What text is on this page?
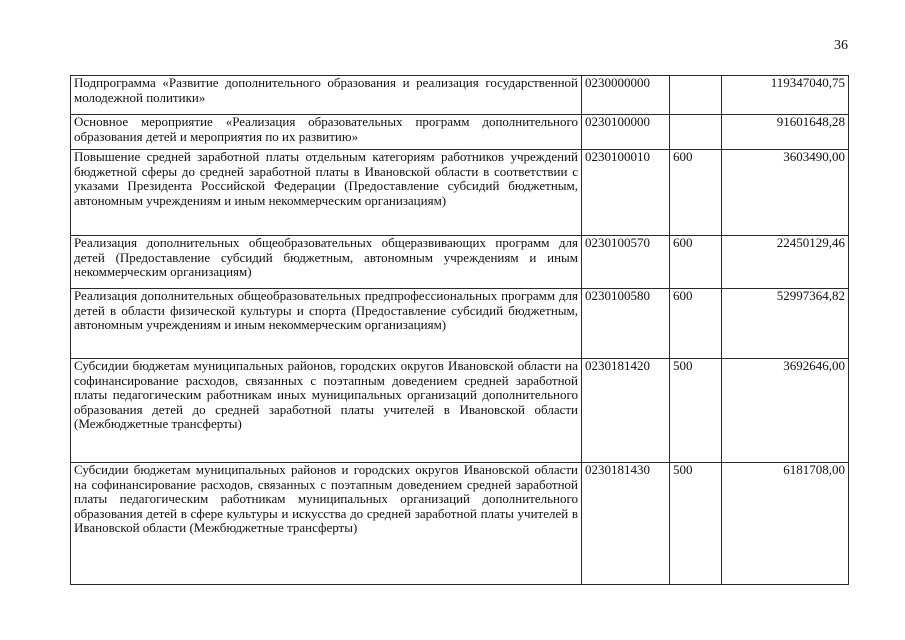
36
Подпрограмма «Развитие дополнительного образования и реализация государственной молодежной политики»	0230000000		119347040,75
Основное мероприятие «Реализация образовательных программ дополнительного образования детей и мероприятия по их развитию»	0230100000		91601648,28
Повышение средней заработной платы отдельным категориям работников учреждений бюджетной сферы до средней заработной платы в Ивановской области в соответствии с указами Президента Российской Федерации (Предоставление субсидий бюджетным, автономным учреждениям и иным некоммерческим организациям)	0230100010	600	3603490,00
Реализация дополнительных общеобразовательных общеразвивающих программ для детей (Предоставление субсидий бюджетным, автономным учреждениям и иным некоммерческим организациям)	0230100570	600	22450129,46
Реализация дополнительных общеобразовательных предпрофессиональных программ для детей в области физической культуры и спорта (Предоставление субсидий бюджетным, автономным учреждениям и иным некоммерческим организациям)	0230100580	600	52997364,82
Субсидии бюджетам муниципальных районов, городских округов Ивановской области на софинансирование расходов, связанных с поэтапным доведением средней заработной платы педагогическим работникам иных муниципальных организаций дополнительного образования детей до средней заработной платы учителей в Ивановской области (Межбюджетные трансферты)	0230181420	500	3692646,00
Субсидии бюджетам муниципальных районов и городских округов Ивановской области на софинансирование расходов, связанных с поэтапным доведением средней заработной платы педагогическим работникам муниципальных организаций дополнительного образования детей в сфере культуры и искусства до средней заработной платы учителей в Ивановской области (Межбюджетные трансферты)	0230181430	500	6181708,00
